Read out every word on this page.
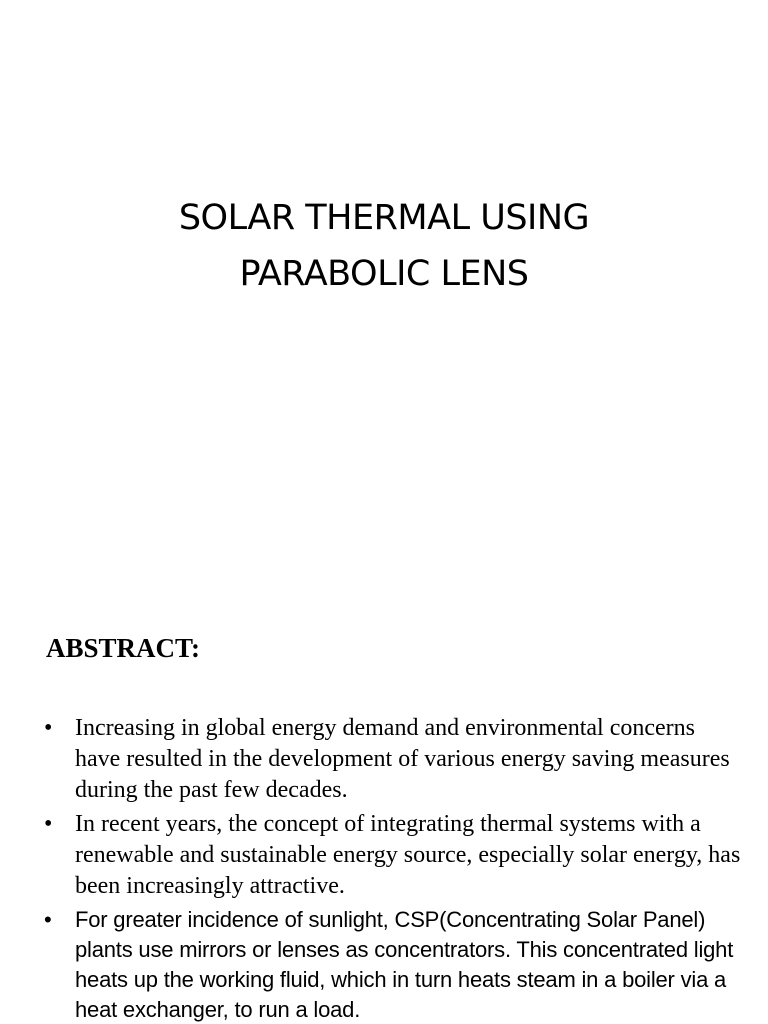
SOLAR THERMAL USING
PARABOLIC LENS
ABSTRACT:
• Increasing in global energy demand and environmental concerns have resulted in the development of various energy saving measures during the past few decades.
• In recent years, the concept of integrating thermal systems with a renewable and sustainable energy source, especially solar energy, has been increasingly attractive.
• For greater incidence of sunlight, CSP(Concentrating Solar Panel) plants use mirrors or lenses as concentrators. This concentrated light heats up the working fluid, which in turn heats steam in a boiler via a heat exchanger, to run a load.
